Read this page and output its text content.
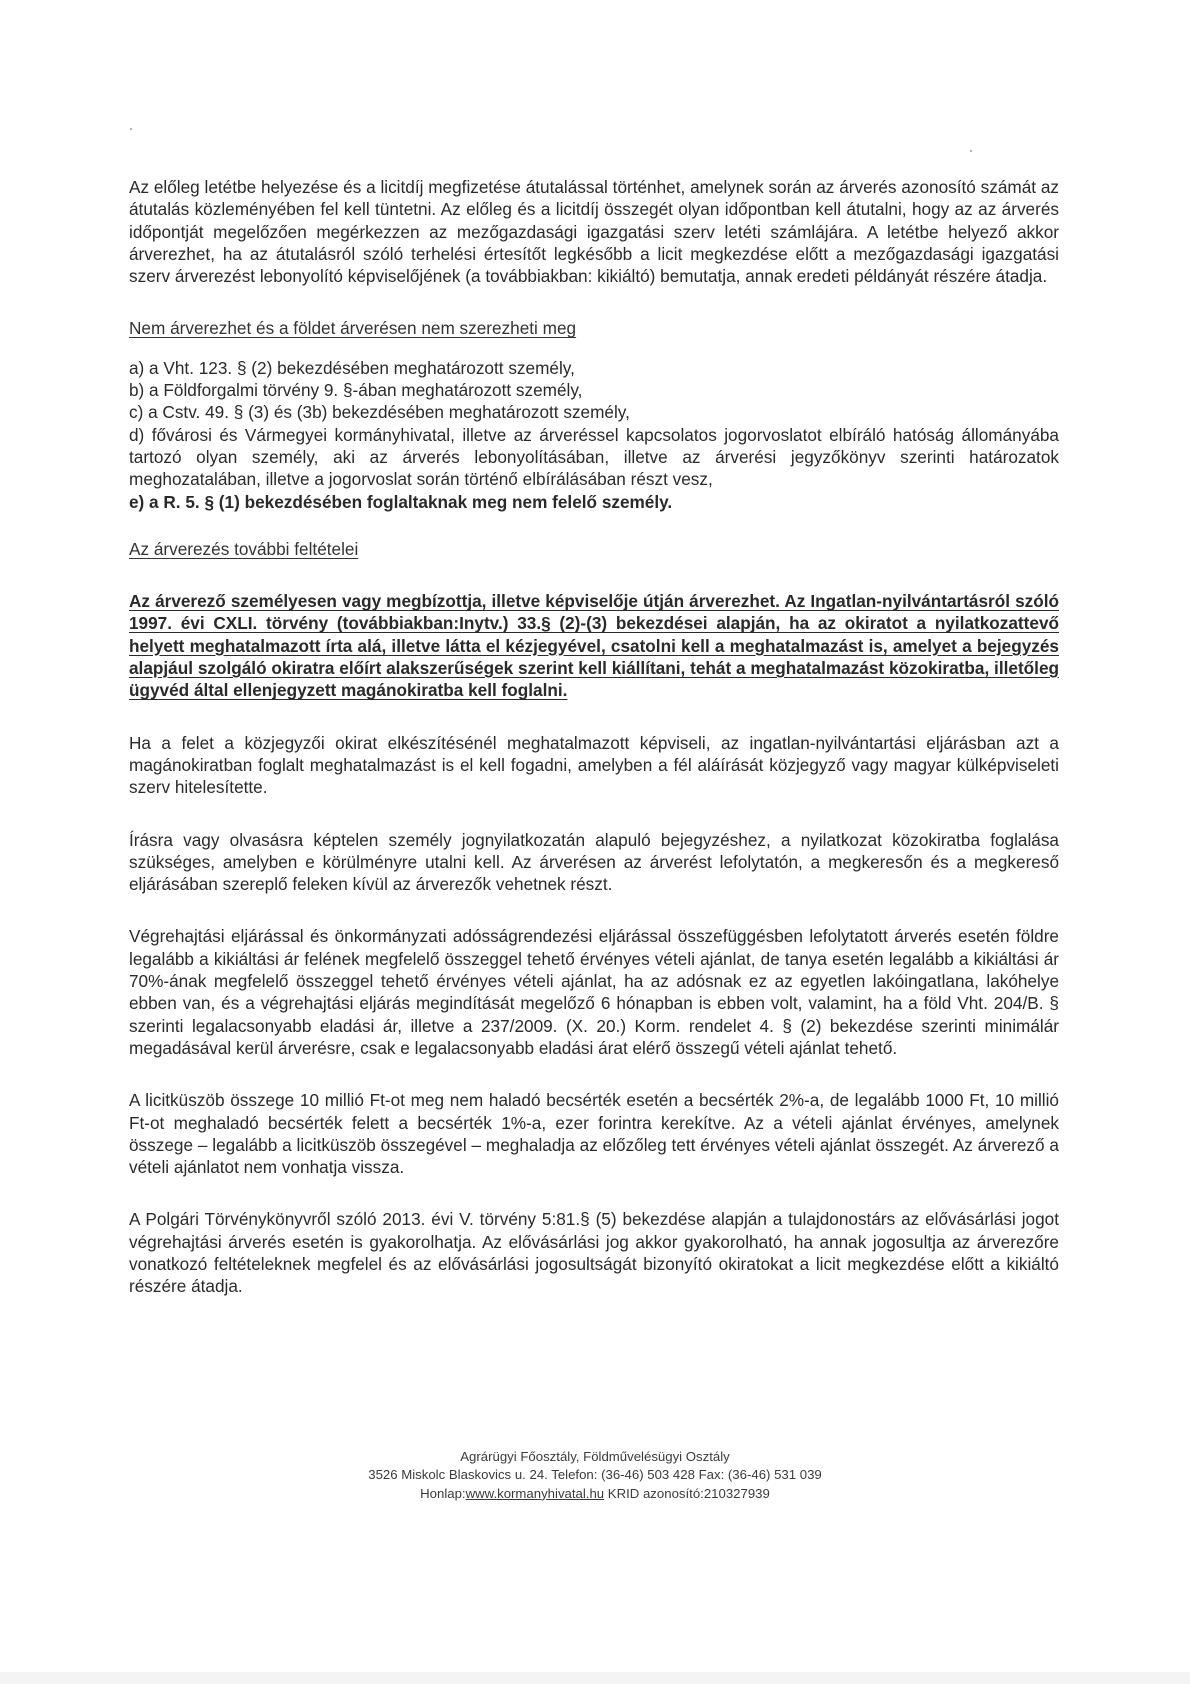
Az előleg letétbe helyezése és a licitdíj megfizetése átutalással történhet, amelynek során az árverés azonosító számát az átutalás közleményében fel kell tüntetni. Az előleg és a licitdíj összegét olyan időpontban kell átutalni, hogy az az árverés időpontját megelőzően megérkezzen az mezőgazdasági igazgatási szerv letéti számlájára. A letétbe helyező akkor árverezhet, ha az átutalásról szóló terhelési értesítőt legkésőbb a licit megkezdése előtt a mezőgazdasági igazgatási szerv árverezést lebonyolító képviselőjének (a továbbiakban: kikiáltó) bemutatja, annak eredeti példányát részére átadja.

Nem árverezhet és a földet árverésen nem szerezheti meg

a) a Vht. 123. § (2) bekezdésében meghatározott személy,

b) a Földforgalmi törvény 9. §-ában meghatározott személy,

c) a Cstv. 49. § (3) és (3b) bekezdésében meghatározott személy,

d) fővárosi és Vármegyei kormányhivatal, illetve az árveréssel kapcsolatos jogorvoslatot elbíráló hatóság állományába tartozó olyan személy, aki az árverés lebonyolításában, illetve az árverési jegyzőkönyv szerinti határozatok meghozatalában, illetve a jogorvoslat során történő elbírálásában részt vesz,

e) a R. 5. § (1) bekezdésében foglaltaknak meg nem felelő személy.

Az árverezés további feltételei

Az árverező személyesen vagy megbízottja, illetve képviselője útján árverezhet. Az Ingatlan-nyilvántartásról szóló 1997. évi CXLI. törvény (továbbiakban:Inytv.) 33.§ (2)-(3) bekezdései alapján, ha az okiratot a nyilatkozattevő helyett meghatalmazott írta alá, illetve látta el kézjegyével, csatolni kell a meghatalmazást is, amelyet a bejegyzés alapjául szolgáló okiratra előírt alakszerűségek szerint kell kiállítani, tehát a meghatalmazást közokiratba, illetőleg ügyvéd által ellenjegyzett magánokiratba kell foglalni.

Ha a felet a közjegyzői okirat elkészítésénél meghatalmazott képviseli, az ingatlan-nyilvántartási eljárásban azt a magánokiratban foglalt meghatalmazást is el kell fogadni, amelyben a fél aláírását közjegyző vagy magyar külképviseleti szerv hitelesítette.

Írásra vagy olvasásra képtelen személy jognyilatkozatán alapuló bejegyzéshez, a nyilatkozat közokiratba foglalása szükséges, amelyben e körülményre utalni kell. Az árverésen az árverést lefolytatón, a megkeresőn és a megkereső eljárásában szereplő feleken kívül az árverezők vehetnek részt.

Végrehajtási eljárással és önkormányzati adósságrendezési eljárással összefüggésben lefolytatott árverés esetén földre legalább a kikiáltási ár felének megfelelő összeggel tehető érvényes vételi ajánlat, de tanya esetén legalább a kikiáltási ár 70%-ának megfelelő összeggel tehető érvényes vételi ajánlat, ha az adósnak ez az egyetlen lakóingatlana, lakóhelye ebben van, és a végrehajtási eljárás megindítását megelőző 6 hónapban is ebben volt, valamint, ha a föld Vht. 204/B. § szerinti legalacsonyabb eladási ár, illetve a 237/2009. (X. 20.) Korm. rendelet 4. § (2) bekezdése szerinti minimálár megadásával kerül árverésre, csak e legalacsonyabb eladási árat elérő összegű vételi ajánlat tehető.

A licitküszöb összege 10 millió Ft-ot meg nem haladó becsérték esetén a becsérték 2%-a, de legalább 1000 Ft, 10 millió Ft-ot meghaladó becsérték felett a becsérték 1%-a, ezer forintra kerekítve. Az a vételi ajánlat érvényes, amelynek összege – legalább a licitküszöb összegével – meghaladja az előzőleg tett érvényes vételi ajánlat összegét. Az árverező a vételi ajánlatot nem vonhatja vissza.

A Polgári Törvénykönyvről szóló 2013. évi V. törvény 5:81.§ (5) bekezdése alapján a tulajdonostárs az elővásárlási jogot végrehajtási árverés esetén is gyakorolhatja. Az elővásárlási jog akkor gyakorolható, ha annak jogosultja az árverezőre vonatkozó feltételeknek megfelel és az elővásárlási jogosultságát bizonyító okiratokat a licit megkezdése előtt a kikiáltó részére átadja.

Agrárügyi Főosztály, Földművelésügyi Osztály
3526 Miskolc Blaskovics u. 24. Telefon: (36-46) 503 428 Fax: (36-46) 531 039
Honlap:www.kormanyhivatal.hu KRID azonosító:210327939
